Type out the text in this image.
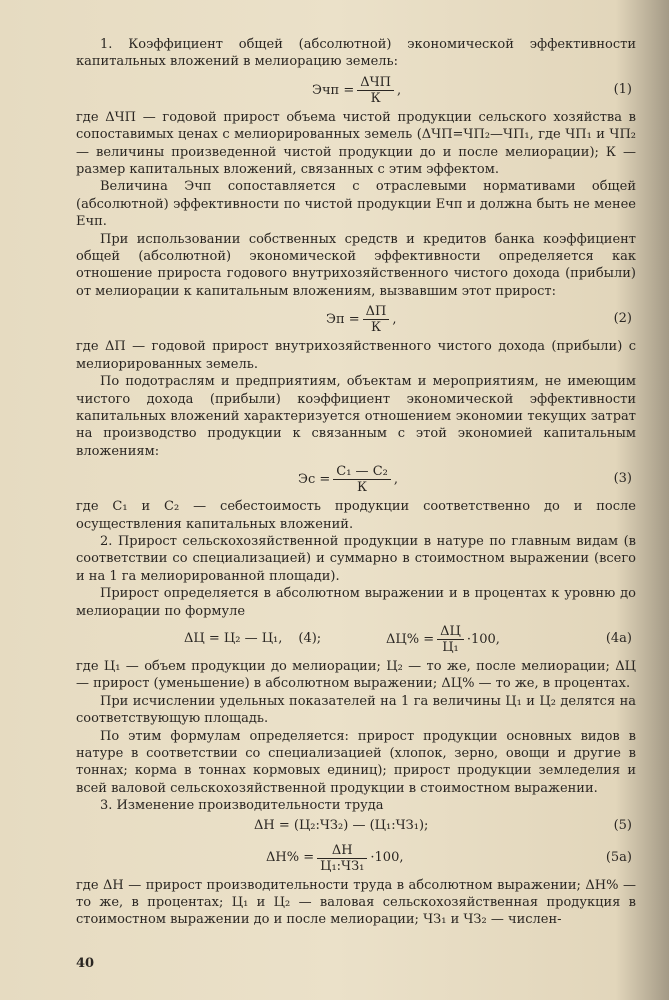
1. Коэффициент общей (абсолютной) экономической эффективности капитальных вложений в мелиорацию земель:

Эчп =
ΔЧП
К
,	(1)

где ΔЧП — годовой прирост объема чистой продукции сельского хозяйства в сопоставимых ценах с мелиорированных земель (ΔЧП=ЧП₂—ЧП₁, где ЧП₁ и ЧП₂ — величины произведенной чистой продукции до и после мелиорации); К — размер капитальных вложений, связанных с этим эффектом.

Величина Эчп сопоставляется с отраслевыми нормативами общей (абсолютной) эффективности по чистой продукции Ечп и должна быть не менее Ечп.

При использовании собственных средств и кредитов банка коэффициент общей (абсолютной) экономической эффективности определяется как отношение прироста годового внутрихозяйственного чистого дохода (прибыли) от мелиорации к капитальным вложениям, вызвавшим этот прирост:

Эп =
ΔП
К
,	(2)

где ΔП — годовой прирост внутрихозяйственного чистого дохода (прибыли) с мелиорированных земель.

По подотраслям и предприятиям, объектам и мероприятиям, не имеющим чистого дохода (прибыли) коэффициент экономической эффективности капитальных вложений характеризуется отношением экономии текущих затрат на производство продукции к связанным с этой экономией капитальным вложениям:

Эс =
С₁ — С₂
К
,	(3)

где С₁ и С₂ — себестоимость продукции соответственно до и после осуществления капитальных вложений.

2. Прирост сельскохозяйственной продукции в натуре по главным видам (в соответствии со специализацией) и суммарно в стоимостном выражении (всего и на 1 га мелиорированной площади).

Прирост определяется в абсолютном выражении и в процентах к уровню до мелиорации по формуле

ΔЦ = Ц₂ — Ц₁, (4);	ΔЦ% =
ΔЦ
Ц₁
·100,	(4а)

где Ц₁ — объем продукции до мелиорации; Ц₂ — то же, после мелиорации; ΔЦ — прирост (уменьшение) в абсолютном выражении; ΔЦ% — то же, в процентах.

При исчислении удельных показателей на 1 га величины Ц₁ и Ц₂ делятся на соответствующую площадь.

По этим формулам определяется: прирост продукции основных видов в натуре в соответствии со специализацией (хлопок, зерно, овощи и другие в тоннах; корма в тоннах кормовых единиц); прирост продукции земледелия и всей валовой сельскохозяйственной продукции в стоимостном выражении.

3. Изменение производительности труда

ΔН = (Ц₂:ЧЗ₂) — (Ц₁:ЧЗ₁);	(5)
ΔН% =
ΔН
Ц₁:ЧЗ₁
·100,	(5а)

где ΔН — прирост производительности труда в абсолютном выражении; ΔН% — то же, в процентах; Ц₁ и Ц₂ — валовая сельскохозяйственная продукция в стоимостном выражении до и после мелиорации; ЧЗ₁ и ЧЗ₂ — числен-

40
